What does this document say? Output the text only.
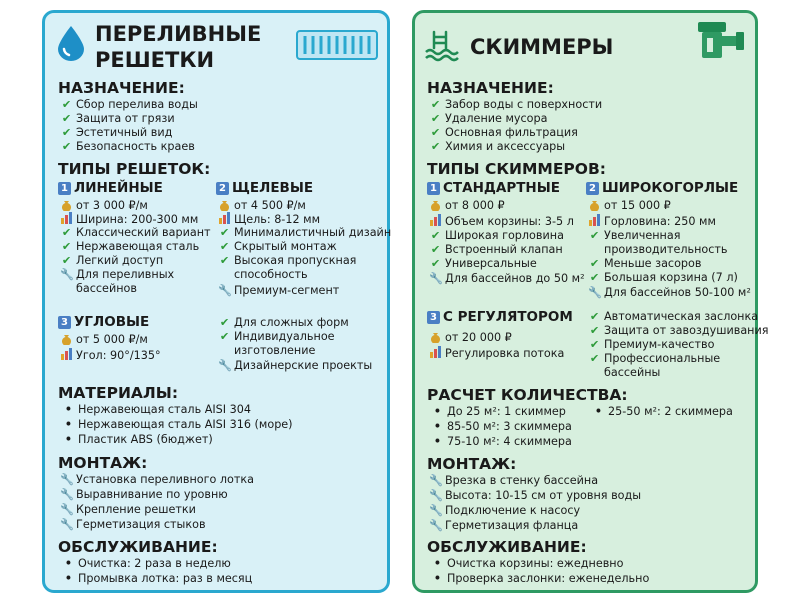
ПЕРЕЛИВНЫЕ
РЕШЕТКИ
НАЗНАЧЕНИЕ:
✔ Сбор перелива воды
✔ Защита от грязи
✔ Эстетичный вид
✔ Безопасность краев
ТИПЫ РЕШЕТОК:
1 ЛИНЕЙНЫЕ
от 3 000 ₽/м
Ширина: 200-300 мм
✔ Классический вариант
✔ Нержавеющая сталь
✔ Легкий доступ
🔧 Для переливных
бассейнов
2 ЩЕЛЕВЫЕ
от 4 500 ₽/м
Щель: 8-12 мм
✔ Минималистичный дизайн
✔ Скрытый монтаж
✔ Высокая пропускная
способность
🔧 Премиум-сегмент
3 УГЛОВЫЕ
от 5 000 ₽/м
Угол: 90°/135°
✔ Для сложных форм
✔ Индивидуальное
изготовление
🔧 Дизайнерские проекты
МАТЕРИАЛЫ:
• Нержавеющая сталь AISI 304
• Нержавеющая сталь AISI 316 (море)
• Пластик ABS (бюджет)
МОНТАЖ:
🔧 Установка переливного лотка
🔧 Выравнивание по уровню
🔧 Крепление решетки
🔧 Герметизация стыков
ОБСЛУЖИВАНИЕ:
• Очистка: 2 раза в неделю
• Промывка лотка: раз в месяц
СКИММЕРЫ
НАЗНАЧЕНИЕ:
✔ Забор воды с поверхности
✔ Удаление мусора
✔ Основная фильтрация
✔ Химия и аксессуары
ТИПЫ СКИММЕРОВ:
1 СТАНДАРТНЫЕ
от 8 000 ₽
Объем корзины: 3-5 л
✔ Широкая горловина
✔ Встроенный клапан
✔ Универсальные
🔧 Для бассейнов до 50 м²
2 ШИРОКОГОРЛЫЕ
от 15 000 ₽
Горловина: 250 мм
✔ Увеличенная
производительность
✔ Меньше засоров
✔ Большая корзина (7 л)
🔧 Для бассейнов 50-100 м²
3 С РЕГУЛЯТОРОМ
от 20 000 ₽
Регулировка потока
✔ Автоматическая заслонка
✔ Защита от завоздушивания
✔ Премиум-качество
✔ Профессиональные
бассейны
РАСЧЕТ КОЛИЧЕСТВА:
• До 25 м²: 1 скиммер
• 85-50 м²: 3 скиммера
• 75-10 м²: 4 скиммера
• 25-50 м²: 2 скиммера
МОНТАЖ:
🔧 Врезка в стенку бассейна
🔧 Высота: 10-15 см от уровня воды
🔧 Подключение к насосу
🔧 Герметизация фланца
ОБСЛУЖИВАНИЕ:
• Очистка корзины: ежедневно
• Проверка заслонки: еженедельно
